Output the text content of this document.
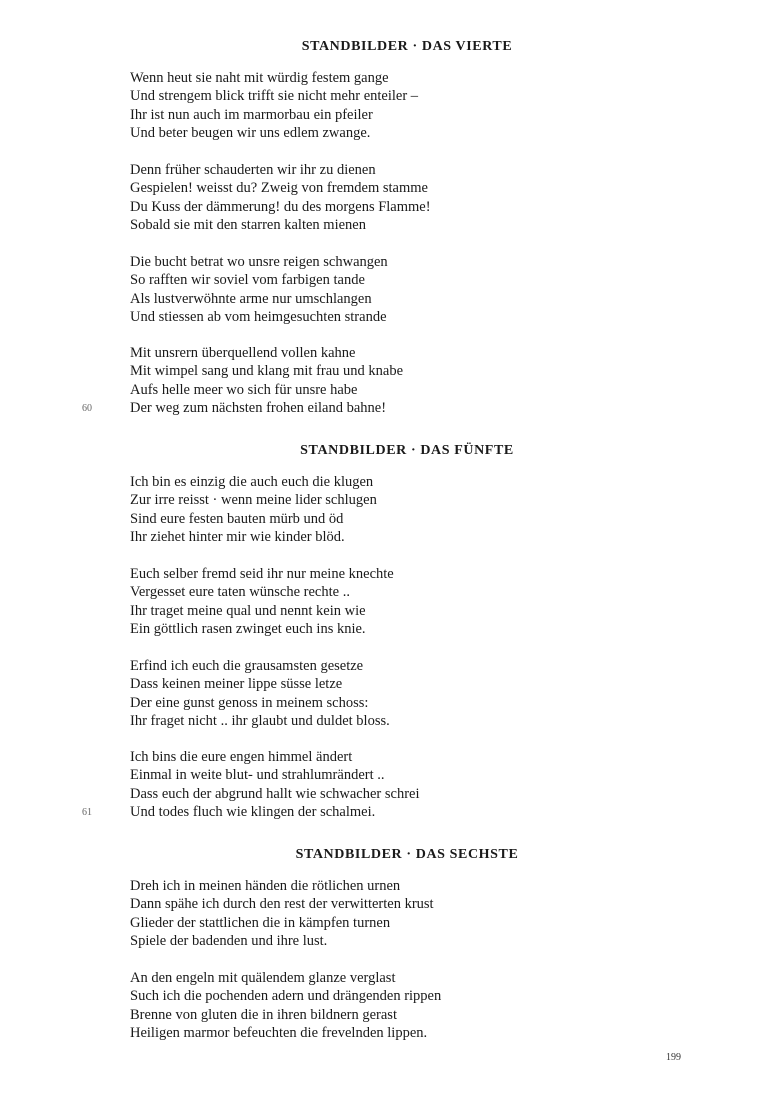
STANDBILDER · DAS VIERTE
Wenn heut sie naht mit würdig festem gange
Und strengem blick trifft sie nicht mehr enteiler –
Ihr ist nun auch im marmorbau ein pfeiler
Und beter beugen wir uns edlem zwange.
Denn früher schauderten wir ihr zu dienen
Gespielen! weisst du? Zweig von fremdem stamme
Du Kuss der dämmerung! du des morgens Flamme!
Sobald sie mit den starren kalten mienen
Die bucht betrat wo unsre reigen schwangen
So rafften wir soviel vom farbigen tande
Als lustverwöhnte arme nur umschlangen
Und stiessen ab vom heimgesuchten strande
Mit unsrern überquellend vollen kahne
Mit wimpel sang und klang mit frau und knabe
Aufs helle meer wo sich für unsre habe
Der weg zum nächsten frohen eiland bahne!
60
STANDBILDER · DAS FÜNFTE
Ich bin es einzig die auch euch die klugen
Zur irre reisst · wenn meine lider schlugen
Sind eure festen bauten mürb und öd
Ihr ziehet hinter mir wie kinder blöd.
Euch selber fremd seid ihr nur meine knechte
Vergesset eure taten wünsche rechte ..
Ihr traget meine qual und nennt kein wie
Ein göttlich rasen zwinget euch ins knie.
Erfind ich euch die grausamsten gesetze
Dass keinen meiner lippe süsse letze
Der eine gunst genoss in meinem schoss:
Ihr fraget nicht .. ihr glaubt und duldet bloss.
Ich bins die eure engen himmel ändert
Einmal in weite blut- und strahlumrändert ..
Dass euch der abgrund hallt wie schwacher schrei
Und todes fluch wie klingen der schalmei.
61
STANDBILDER · DAS SECHSTE
Dreh ich in meinen händen die rötlichen urnen
Dann spähe ich durch den rest der verwitterten krust
Glieder der stattlichen die in kämpfen turnen
Spiele der badenden und ihre lust.
An den engeln mit quälendem glanze verglast
Such ich die pochenden adern und drängenden rippen
Brenne von gluten die in ihren bildnern gerast
Heiligen marmor befeuchten die frevelnden lippen.
199
